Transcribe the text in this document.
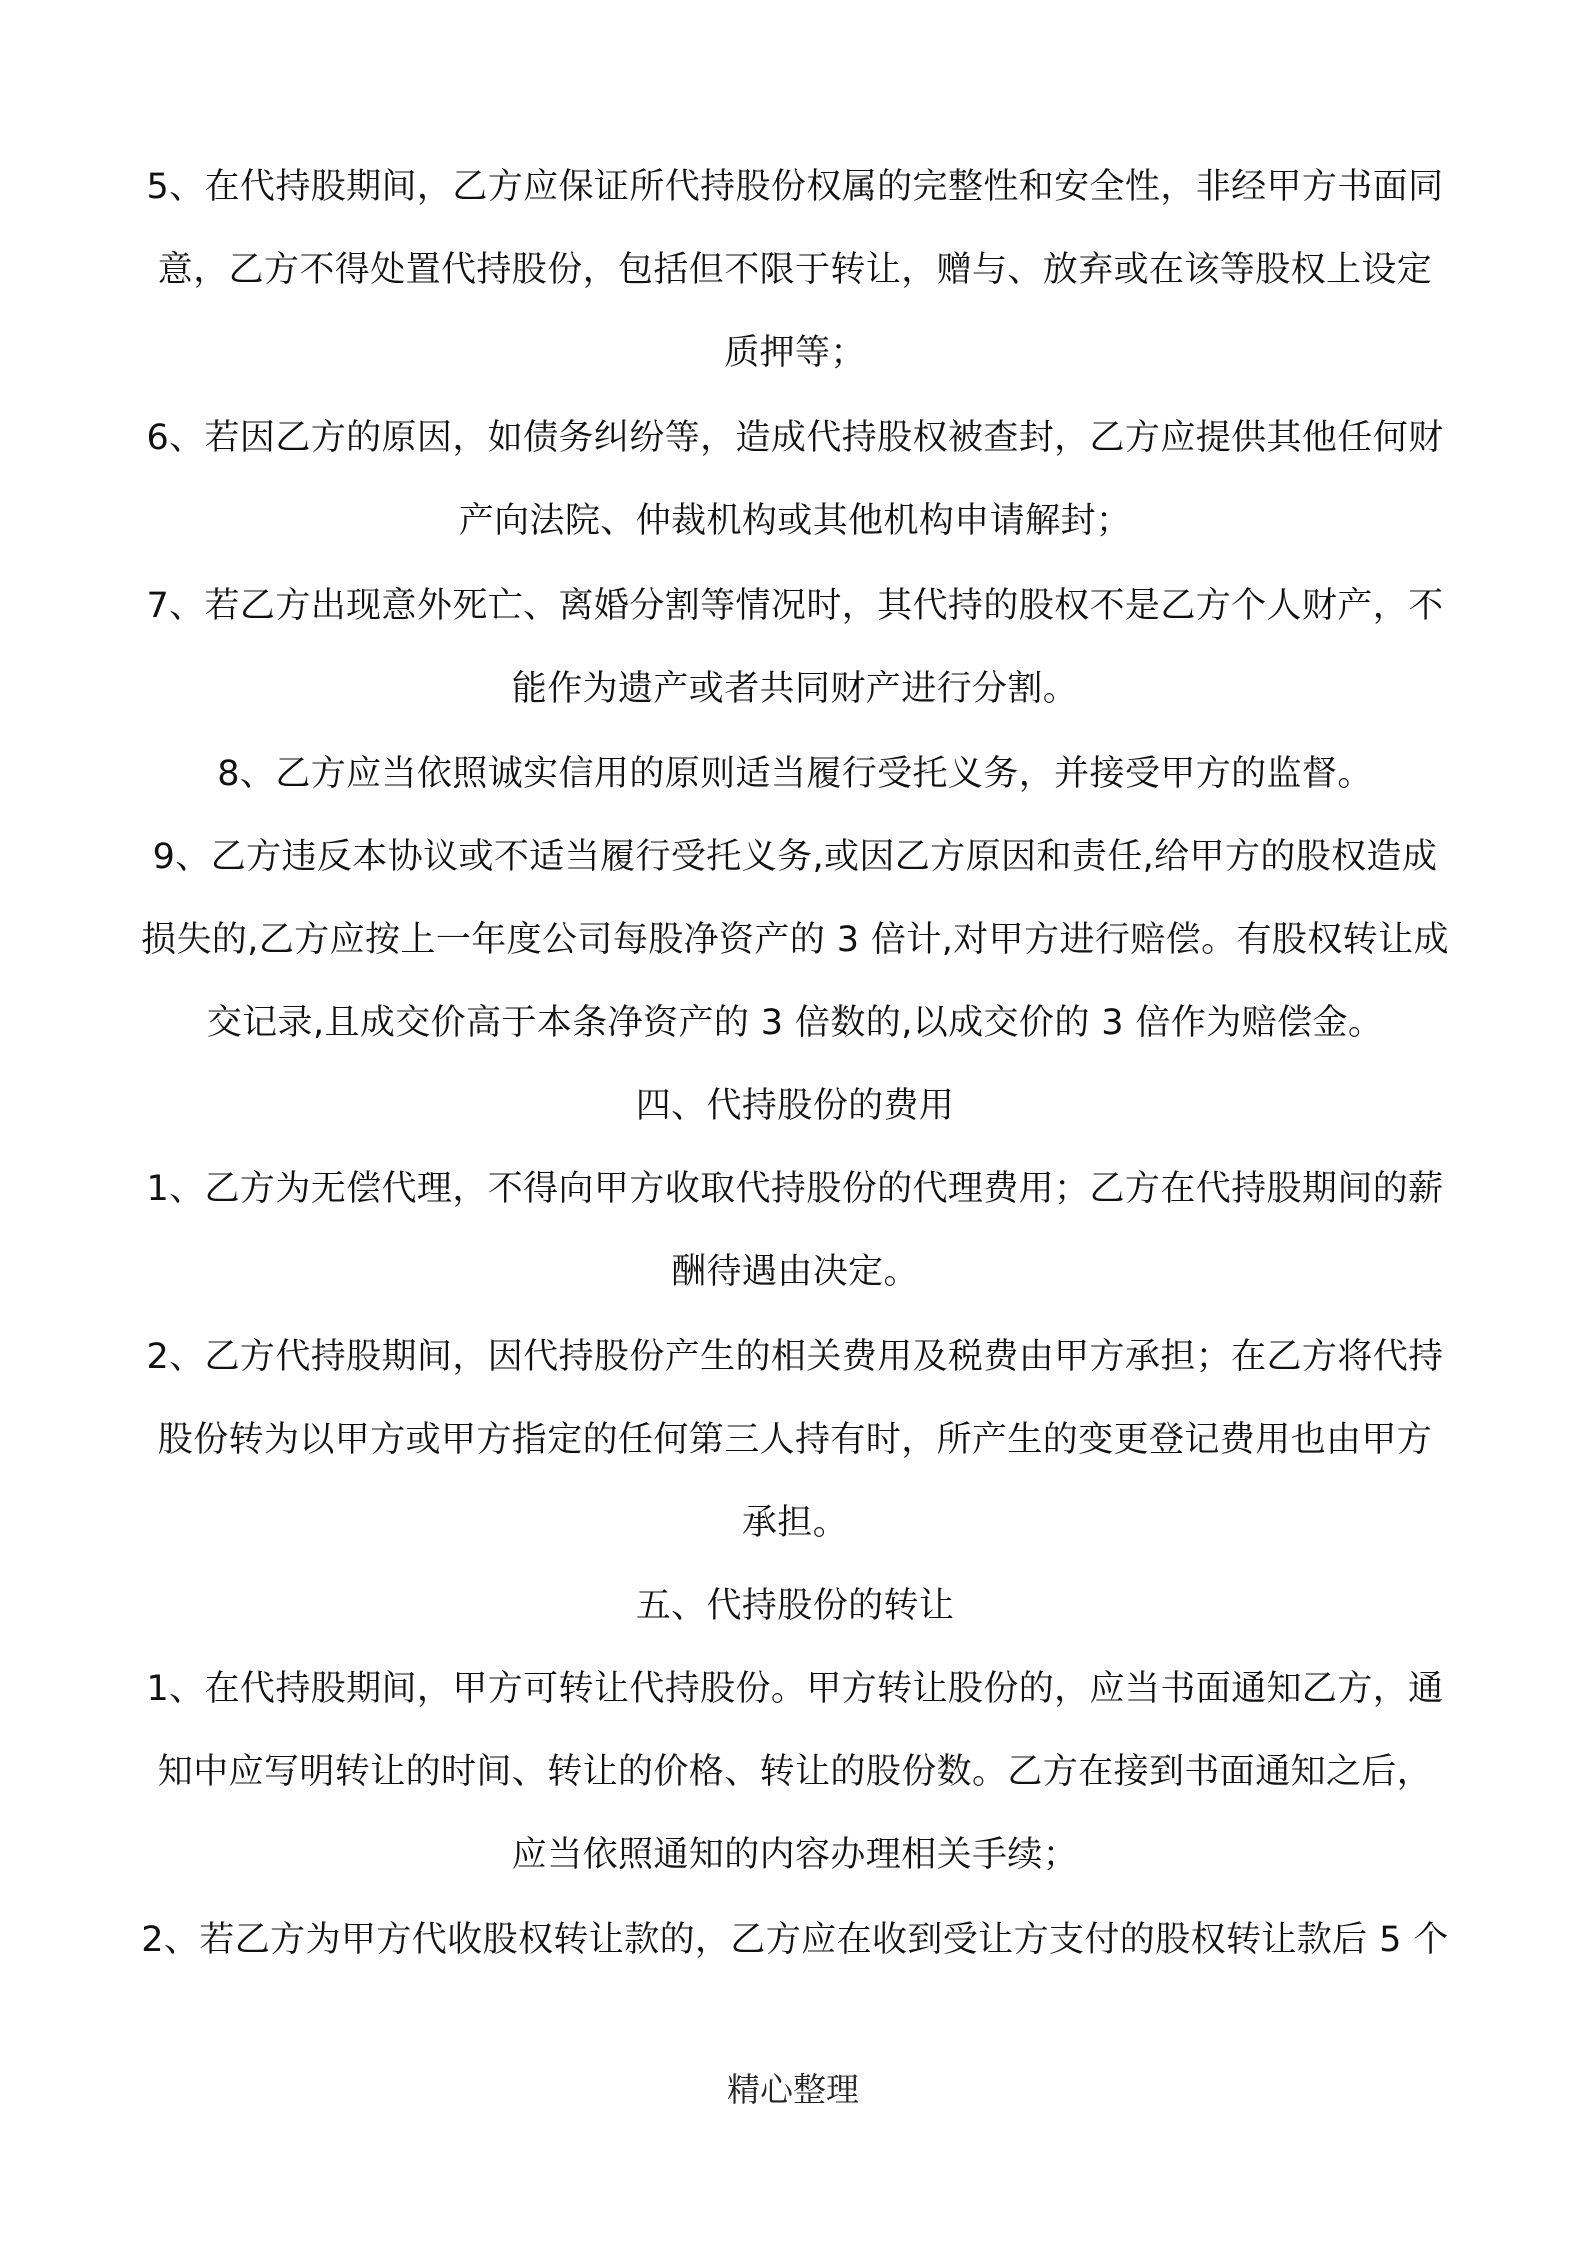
5、在代持股期间，乙方应保证所代持股份权属的完整性和安全性，非经甲方书面同
意，乙方不得处置代持股份，包括但不限于转让，赠与、放弃或在该等股权上设定
质押等；
6、若因乙方的原因，如债务纠纷等，造成代持股权被查封，乙方应提供其他任何财
产向法院、仲裁机构或其他机构申请解封；
7、若乙方出现意外死亡、离婚分割等情况时，其代持的股权不是乙方个人财产，不
能作为遗产或者共同财产进行分割。
8、乙方应当依照诚实信用的原则适当履行受托义务，并接受甲方的监督。
9、乙方违反本协议或不适当履行受托义务,或因乙方原因和责任,给甲方的股权造成
损失的,乙方应按上一年度公司每股净资产的 3 倍计,对甲方进行赔偿。有股权转让成
交记录,且成交价高于本条净资产的 3 倍数的,以成交价的 3 倍作为赔偿金。
四、代持股份的费用
1、乙方为无偿代理，不得向甲方收取代持股份的代理费用；乙方在代持股期间的薪
酬待遇由决定。
2、乙方代持股期间，因代持股份产生的相关费用及税费由甲方承担；在乙方将代持
股份转为以甲方或甲方指定的任何第三人持有时，所产生的变更登记费用也由甲方
承担。
五、代持股份的转让
1、在代持股期间，甲方可转让代持股份。甲方转让股份的，应当书面通知乙方，通
知中应写明转让的时间、转让的价格、转让的股份数。乙方在接到书面通知之后，
应当依照通知的内容办理相关手续；
2、若乙方为甲方代收股权转让款的，乙方应在收到受让方支付的股权转让款后 5 个
精心整理
